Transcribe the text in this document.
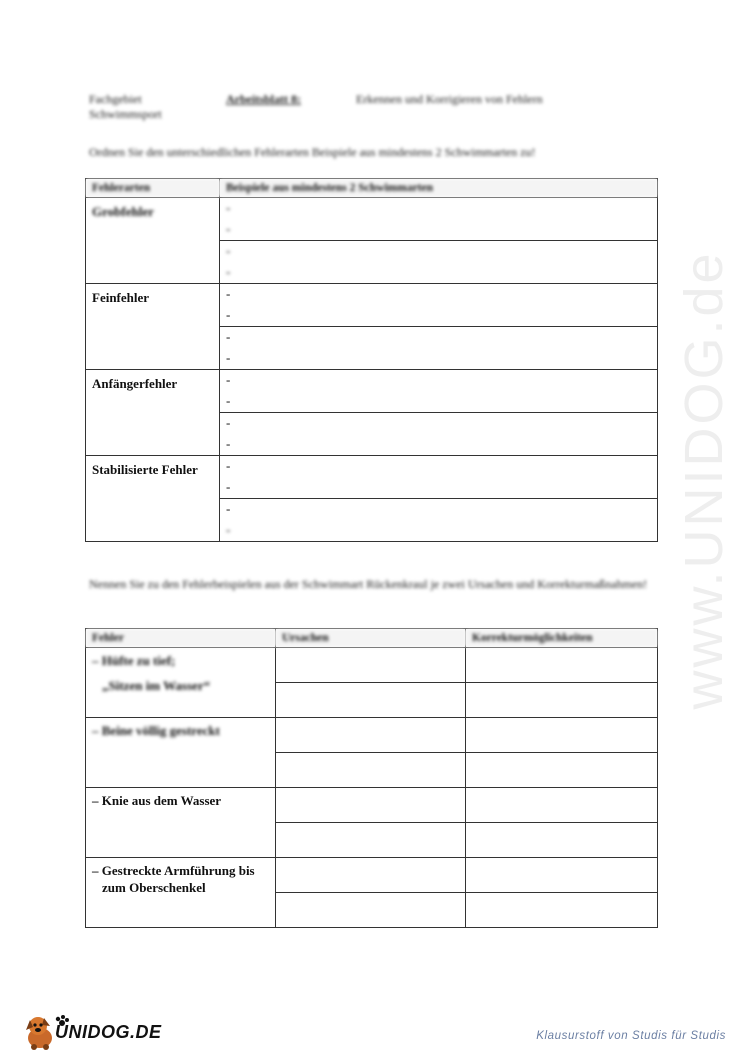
Fachgebiet
Schwimmsport
Arbeitsblatt 8:	Erkennen und Korrigieren von Fehlern
Ordnen Sie den unterschiedlichen Fehlerarten Beispiele aus mindestens 2 Schwimmarten zu!
Fehlerarten	Beispiele aus mindestens 2 Schwimmarten
Grobfehler	-
-

	-
-

Feinfehler	-
-

	-
-

Anfängerfehler	-
-

	-
-

Stabilisierte Fehler	-
-

	-
-
Nennen Sie zu den Fehlerbeispielen aus der Schwimmart Rückenkraul je zwei Ursachen und Korrekturmaßnahmen!
Fehler	Ursachen	Korrekturmöglichkeiten

– Hüfte zu tief;
„Sitzen im Wasser“		

– Beine völlig gestreckt		

– Knie aus dem Wasser		

– Gestreckte Armführung bis
zum Oberschenkel		

www.UNIDOG.de
UNIDOG.DE	Klausurstoff von Studis für Studis
